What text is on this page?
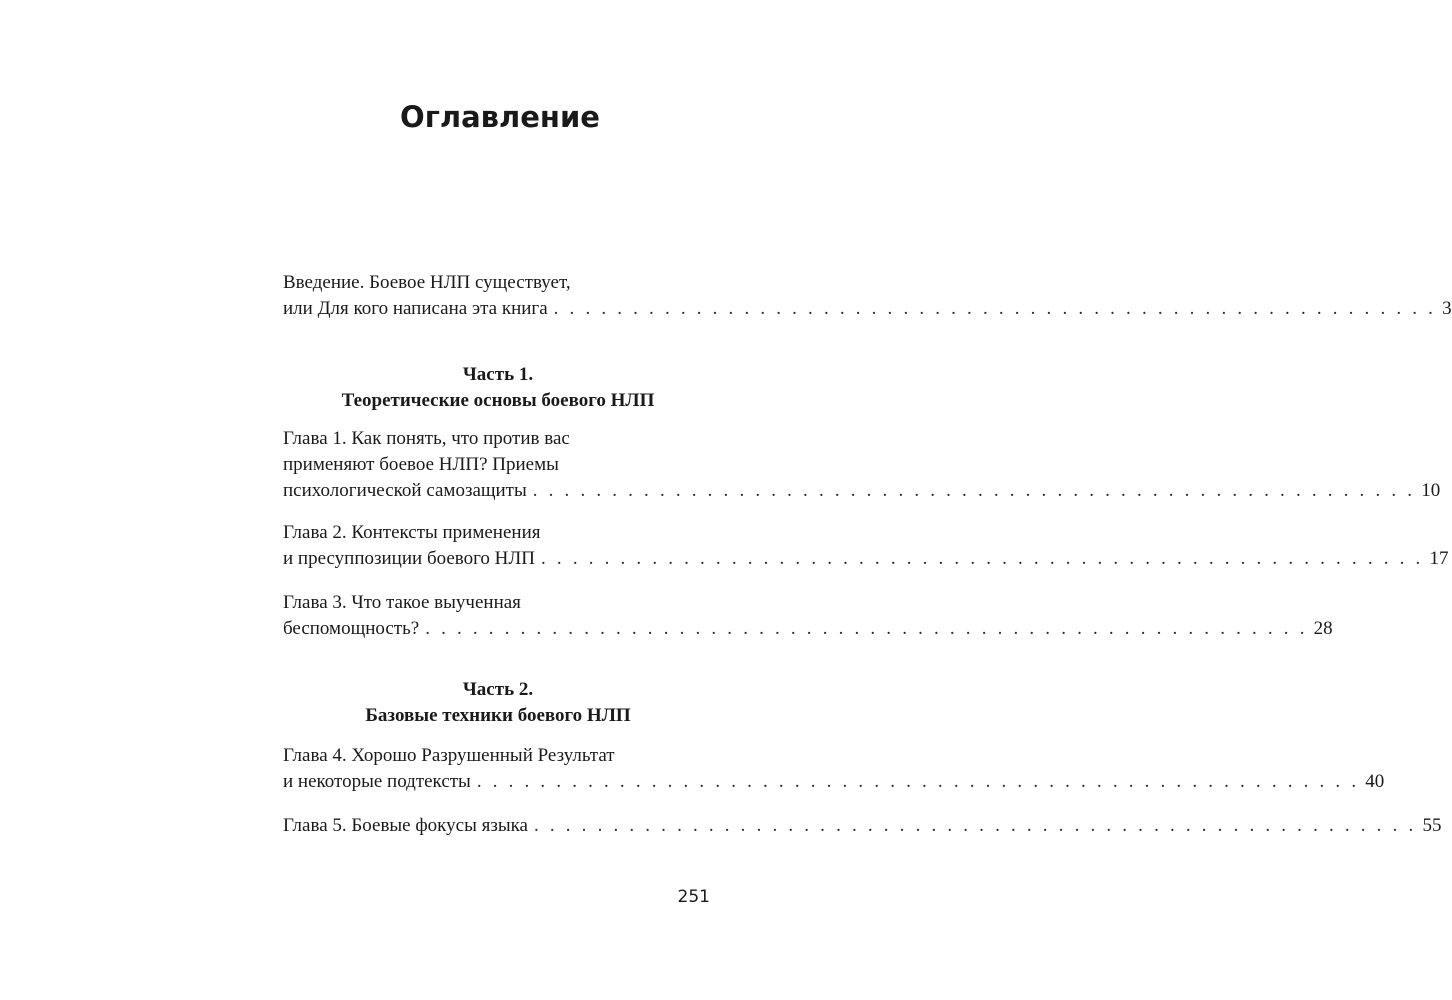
Оглавление
Введение. Боевое НЛП существует,
или Для кого написана эта книга . . . . . . . . . . . . . . . . . . . . . . . . . . . . . . . . . . . . . . . . . . . . . . . . . . . . . . . . 3
Часть 1.
Теоретические основы боевого НЛП
Глава 1. Как понять, что против вас
применяют боевое НЛП? Приемы
психологической самозащиты . . . . . . . . . . . . . . . . . . . . . . . . . . . . . . . . . . . . . . . . . . . . . . . . . . . . . . . . 10
Глава 2. Контексты применения
и пресуппозиции боевого НЛП . . . . . . . . . . . . . . . . . . . . . . . . . . . . . . . . . . . . . . . . . . . . . . . . . . . . . . . . 17
Глава 3. Что такое выученная
беспомощность? . . . . . . . . . . . . . . . . . . . . . . . . . . . . . . . . . . . . . . . . . . . . . . . . . . . . . . . . 28
Часть 2.
Базовые техники боевого НЛП
Глава 4. Хорошо Разрушенный Результат
и некоторые подтексты . . . . . . . . . . . . . . . . . . . . . . . . . . . . . . . . . . . . . . . . . . . . . . . . . . . . . . . . 40
Глава 5. Боевые фокусы языка . . . . . . . . . . . . . . . . . . . . . . . . . . . . . . . . . . . . . . . . . . . . . . . . . . . . . . . . 55
251
